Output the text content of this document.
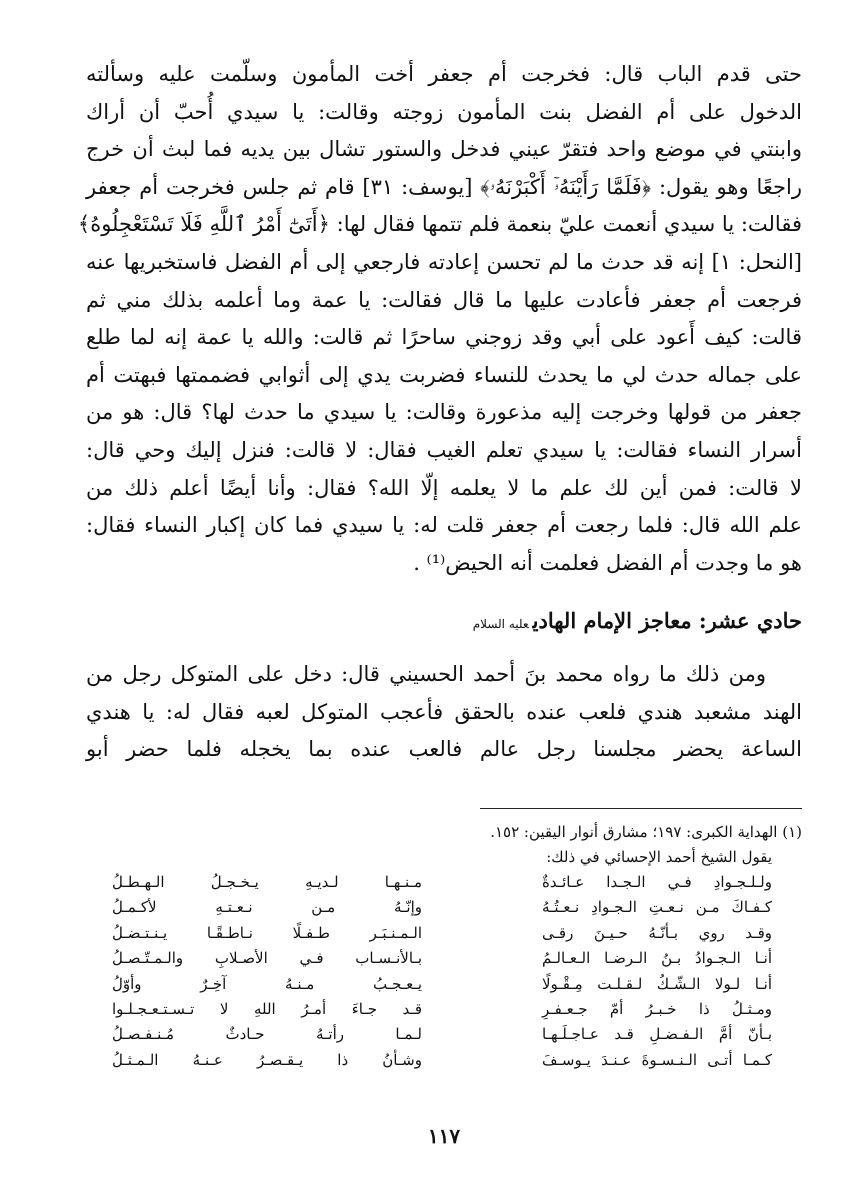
حتى قدم الباب قال: فخرجت أم جعفر أخت المأمون وسلّمت عليه وسألته
الدخول على أم الفضل بنت المأمون زوجته وقالت: يا سيدي أُحبّ أن أراك
وابنتي في موضع واحد فتقرّ عيني فدخل والستور تشال بين يديه فما لبث أن خرج
راجعًا وهو يقول: ﴿فَلَمَّا رَأَيْنَهُۥٓ أَكْبَرْنَهُۥ﴾ [يوسف: ٣١] قام ثم جلس فخرجت أم جعفر
فقالت: يا سيدي أنعمت عليّ بنعمة فلم تتمها فقال لها: ﴿أَتَىٰٓ أَمْرُ ٱللَّهِ فَلَا تَسْتَعْجِلُوهُ﴾
[النحل: ١] إنه قد حدث ما لم تحسن إعادته فارجعي إلى أم الفضل فاستخبريها عنه
فرجعت أم جعفر فأعادت عليها ما قال فقالت: يا عمة وما أعلمه بذلك مني ثم
قالت: كيف أَعود على أبي وقد زوجني ساحرًا ثم قالت: والله يا عمة إنه لما طلع
على جماله حدث لي ما يحدث للنساء فضربت يدي إلى أثوابي فضممتها فبهتت أم
جعفر من قولها وخرجت إليه مذعورة وقالت: يا سيدي ما حدث لها؟ قال: هو من
أسرار النساء فقالت: يا سيدي تعلم الغيب فقال: لا قالت: فنزل إليك وحي قال:
لا قالت: فمن أين لك علم ما لا يعلمه إلّا الله؟ فقال: وأنا أيضًا أعلم ذلك من
علم الله قال: فلما رجعت أم جعفر قلت له: يا سيدي فما كان إكبار النساء فقال:
هو ما وجدت أم الفضل فعلمت أنه الحيض⁽¹⁾ .
حادي عشر: معاجز الإمام الهاديعليه السلام
ومن ذلك ما رواه محمد بنَ أحمد الحسيني قال: دخل على المتوكل رجل من
الهند مشعبد هندي فلعب عنده بالحقق فأعجب المتوكل لعبه فقال له: يا هندي
الساعة يحضر مجلسنا رجل عالم فالعب عنده بما يخجله فلما حضر أبو
(١) الهداية الكبرى: ١٩٧؛ مشارق أنوار اليقين: ١٥٢.
يقول الشيخ أحمد الإحسائي في ذلك:
ولـلـجـوادِ فـي الـجـدا عـائـدةٌ
مـنـهـا لـديـهِ يـخـجـلُ الـهـطـلُ
كـفـاكَ مـن نـعـتِ الـجـوادِ نـعـتُـهُ
وإنّـهُ مـن نـعـتـهِ لأكـمـلُ
وقـد روي بـأنّـهُ حـيـنَ رقـى
الـمـنـبَـر طـفـلًا نـاطـقًـا يـنـتـضـلُ
أنـا الـجـوادُ بـنُ الـرضـا الـعـالـمُ
بـالأنـسـاب فـي الأصـلابِ والـمـتّـصـلُ
أنـا لـولا الـشّـكُ لـقـلـت مِـقْـولًا
يـعـجـبُ مـنـهُ آخِـرٌ وأوّلُ
ومـثـلُ ذا خـبـرُ أمّ جـعـفـرِ
قـد جـاءَ أمـرُ اللهِ لا تـسـتـعـجـلـوا
بـأنّ أمَّ الـفـضـلِ قـد عـاجـلَـهـا
لـمـا رأتـهُ حـادثٌ مُـنـفـصـلُ
كـمـا أتـى الـنـسـوةَ عـنـدَ يـوسـفَ
وشـأنُ ذا يـقـصـرُ عـنـهُ الـمـثـلُ
١١٧
